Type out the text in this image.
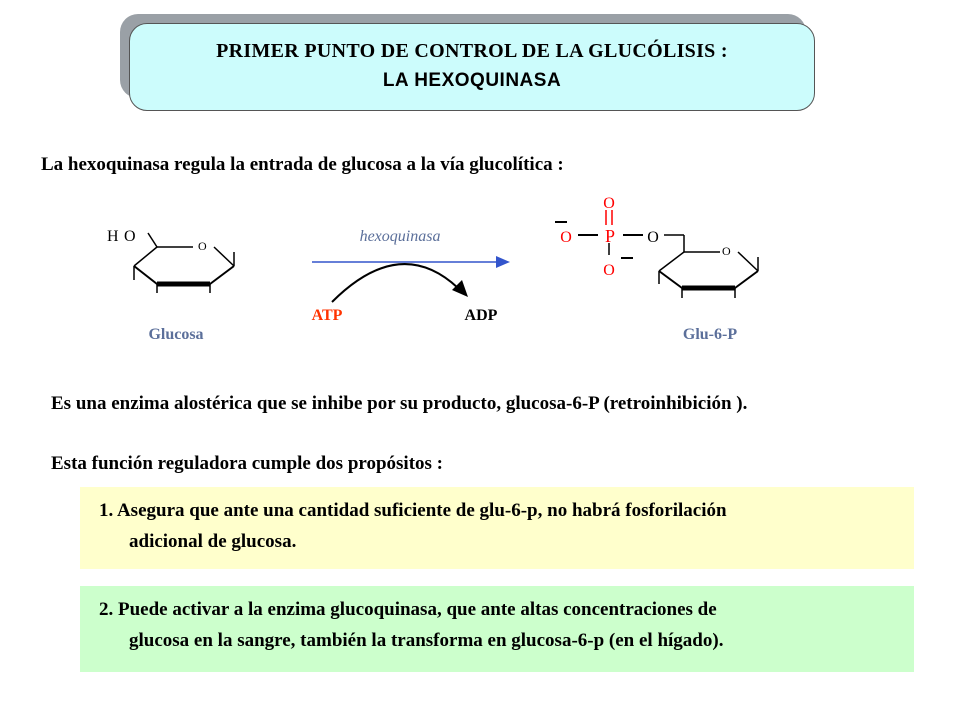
PRIMER PUNTO DE CONTROL DE LA GLUCÓLISIS :
LA HEXOQUINASA
La hexoquinasa regula la entrada de glucosa a la vía glucolítica :
H O
O
Glucosa
hexoquinasa
ATP	ADP
O
O P
O
O
O
Glu-6-P
Es una enzima alostérica que se inhibe por su producto, glucosa-6-P (retroinhibición ).
Esta función reguladora cumple dos propósitos :
1. Asegura que ante una cantidad suficiente de glu-6-p, no habrá fosforilación
adicional de glucosa.
2. Puede activar a la enzima glucoquinasa, que ante altas concentraciones de
glucosa en la sangre, también la transforma en glucosa-6-p (en el hígado).
